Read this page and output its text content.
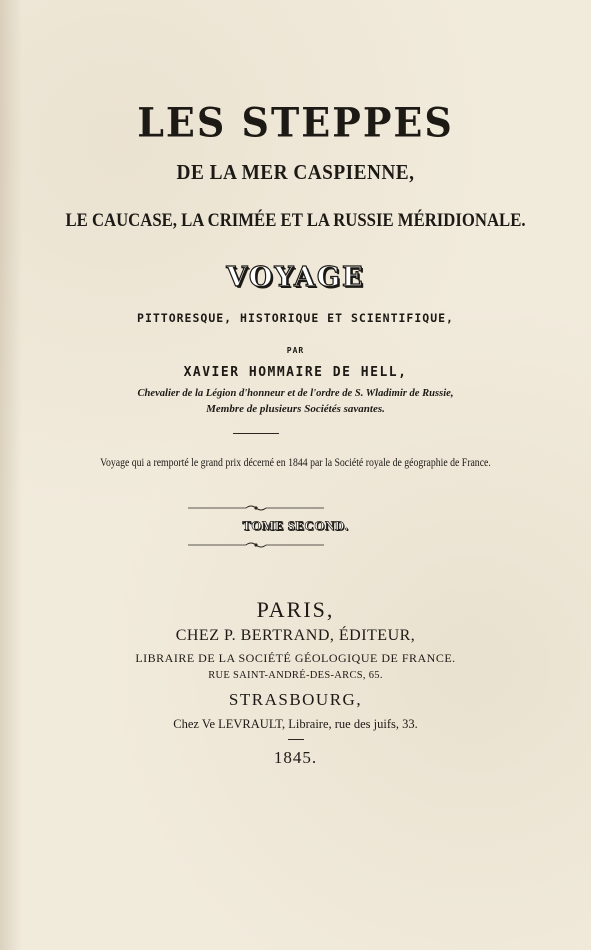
LES STEPPES
DE LA MER CASPIENNE,
LE CAUCASE, LA CRIMÉE ET LA RUSSIE MÉRIDIONALE.
VOYAGE
PITTORESQUE, HISTORIQUE ET SCIENTIFIQUE,
PAR
XAVIER HOMMAIRE DE HELL,
Chevalier de la Légion d'honneur et de l'ordre de S. Wladimir de Russie,
Membre de plusieurs Sociétés savantes.
Voyage qui a remporté le grand prix décerné en 1844 par la Société royale de géographie de France.
TOME SECOND.
PARIS,
CHEZ P. BERTRAND, ÉDITEUR,
LIBRAIRE DE LA SOCIÉTÉ GÉOLOGIQUE DE FRANCE.
RUE SAINT-ANDRÉ-DES-ARCS, 65.
STRASBOURG,
Chez Ve LEVRAULT, Libraire, rue des juifs, 33.
1845.
